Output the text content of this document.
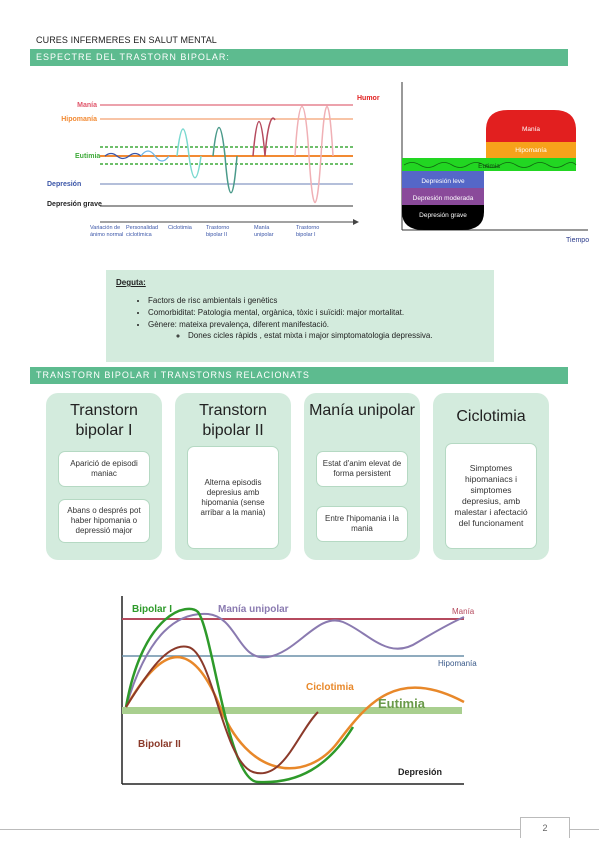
CURES INFERMERES EN SALUT MENTAL
ESPECTRE DEL TRASTORN BIPOLAR:
Manía
Hipomanía
Eutimia
Depresión
Depresión grave
Humor
Variación de ánimo normal
Personalidad ciclotímica
Ciclotimia	Trastorno bipolar II
Manía unipolar
Trastorno bipolar I
Manía
Hipomanía
Eutimia
Depresión leve
Depresión moderada
Depresión grave
Tiempo
Deguta:
• Factors de risc ambientals i genètics
• Comorbiditat: Patologia mental, orgànica, tòxic i suïcidi: major mortalitat.
• Gènere: mateixa prevalença, diferent manifestació.
◦ Dones cicles ràpids , estat mixta i major simptomatologia depressiva.
TRANSTORN BIPOLAR I TRANSTORNS RELACIONATS
Transtorn bipolar I
Aparició de episodi maniac
Abans o després pot haber hipomania o depressió major
Transtorn bipolar II
Alterna episodis depresius amb hipomania (sense arribar a la mania)
Manía unipolar
Estat d'anim elevat de forma persistent
Entre l'hipomania i la mania
Ciclotimia
Simptomes hipomaniacs i simptomes depresius, amb malestar i afectació del funcionament
Bipolar I	Manía unipolar	Manía
Hipomanía
Ciclotimia
Eutimia
Bipolar II
Depresión
2
